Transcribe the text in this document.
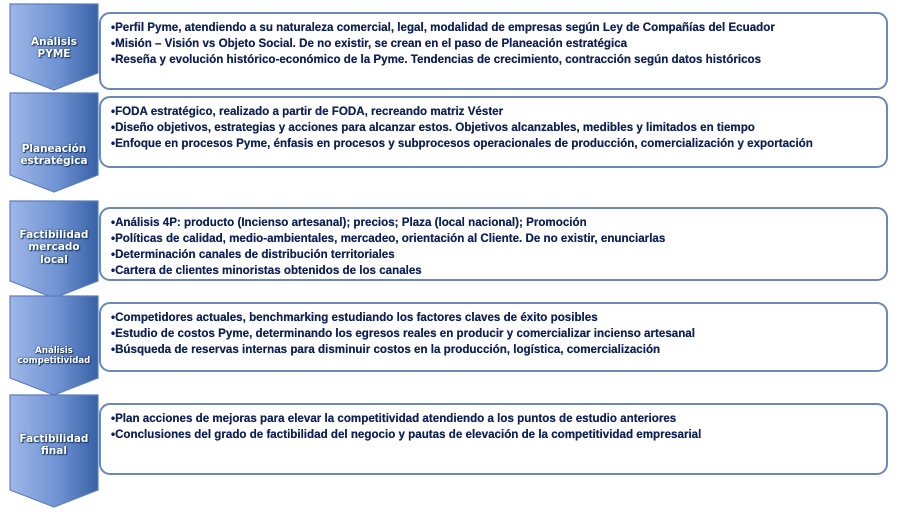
Análisis
PYME
•Perfil Pyme, atendiendo a su naturaleza comercial, legal, modalidad de empresas según Ley de Compañías del Ecuador
•Misión – Visión vs Objeto Social. De no existir, se crean en el paso de Planeación estratégica
•Reseña y evolución histórico-económico de la Pyme. Tendencias de crecimiento, contracción según datos históricos
Planeación
estratégica
•FODA estratégico, realizado a partir de FODA, recreando matriz Véster
•Diseño objetivos, estrategias y acciones para alcanzar estos. Objetivos alcanzables, medibles y limitados en tiempo
•Enfoque en procesos Pyme, énfasis en procesos y subprocesos operacionales de producción, comercialización y exportación
Factibilidad
mercado
local
•Análisis 4P: producto (Incienso artesanal); precios; Plaza (local nacional); Promoción
•Políticas de calidad, medio-ambientales, mercadeo, orientación al Cliente. De no existir, enunciarlas
•Determinación canales de distribución territoriales
•Cartera de clientes minoristas obtenidos de los canales
Análisis
competitividad
•Competidores actuales, benchmarking estudiando los factores claves de éxito posibles
•Estudio de costos Pyme, determinando los egresos reales en producir y comercializar incienso artesanal
•Búsqueda de reservas internas para disminuir costos en la producción, logística, comercialización
Factibilidad
final
•Plan acciones de mejoras para elevar la competitividad atendiendo a los puntos de estudio anteriores
•Conclusiones del grado de factibilidad del negocio y pautas de elevación de la competitividad empresarial
